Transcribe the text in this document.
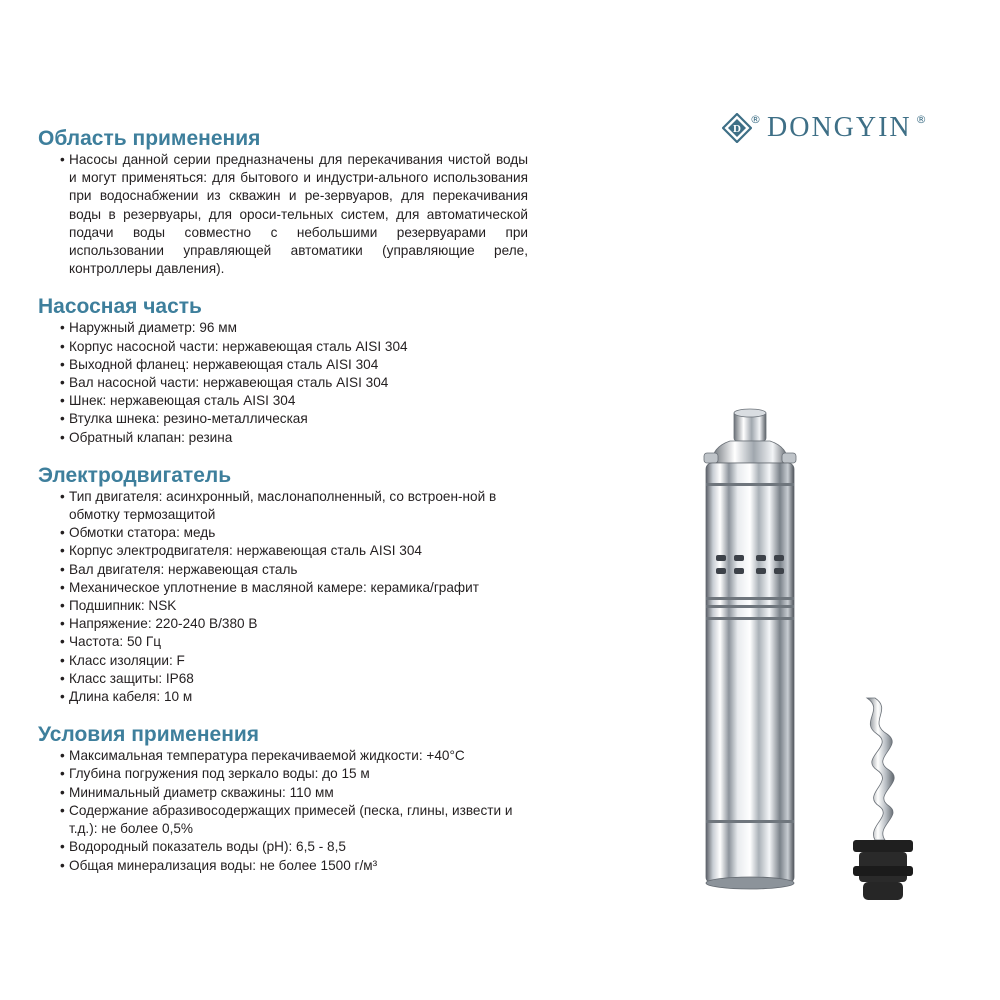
D
® DONGYIN ®
Область применения
• Насосы данной серии предназначены для перекачивания чистой воды и могут применяться: для бытового и индустри-ального использования при водоснабжении из скважин и ре-зервуаров, для перекачивания воды в резервуары, для ороси-тельных систем, для автоматической подачи воды совместно с небольшими резервуарами при использовании управляющей автоматики (управляющие реле, контроллеры давления).
Насосная часть
• Наружный диаметр: 96 мм
• Корпус насосной части: нержавеющая сталь AISI 304
• Выходной фланец: нержавеющая сталь AISI 304
• Вал насосной части: нержавеющая сталь AISI 304
• Шнек: нержавеющая сталь AISI 304
• Втулка шнека: резино-металлическая
• Обратный клапан: резина
Электродвигатель
• Тип двигателя: асинхронный, маслонаполненный, со встроен-ной в обмотку термозащитой
• Обмотки статора: медь
• Корпус электродвигателя: нержавеющая сталь AISI 304
• Вал двигателя: нержавеющая сталь
• Механическое уплотнение в масляной камере: керамика/графит
• Подшипник: NSK
• Напряжение: 220-240 В/380 В
• Частота: 50 Гц
• Класс изоляции: F
• Класс защиты: IP68
• Длина кабеля: 10 м
Условия применения
• Максимальная температура перекачиваемой жидкости: +40°С
• Глубина погружения под зеркало воды: до 15 м
• Минимальный диаметр скважины: 110 мм
• Содержание абразивосодержащих примесей (песка, глины, извести и т.д.): не более 0,5%
• Водородный показатель воды (рН): 6,5 - 8,5
• Общая минерализация воды: не более 1500 г/м³
